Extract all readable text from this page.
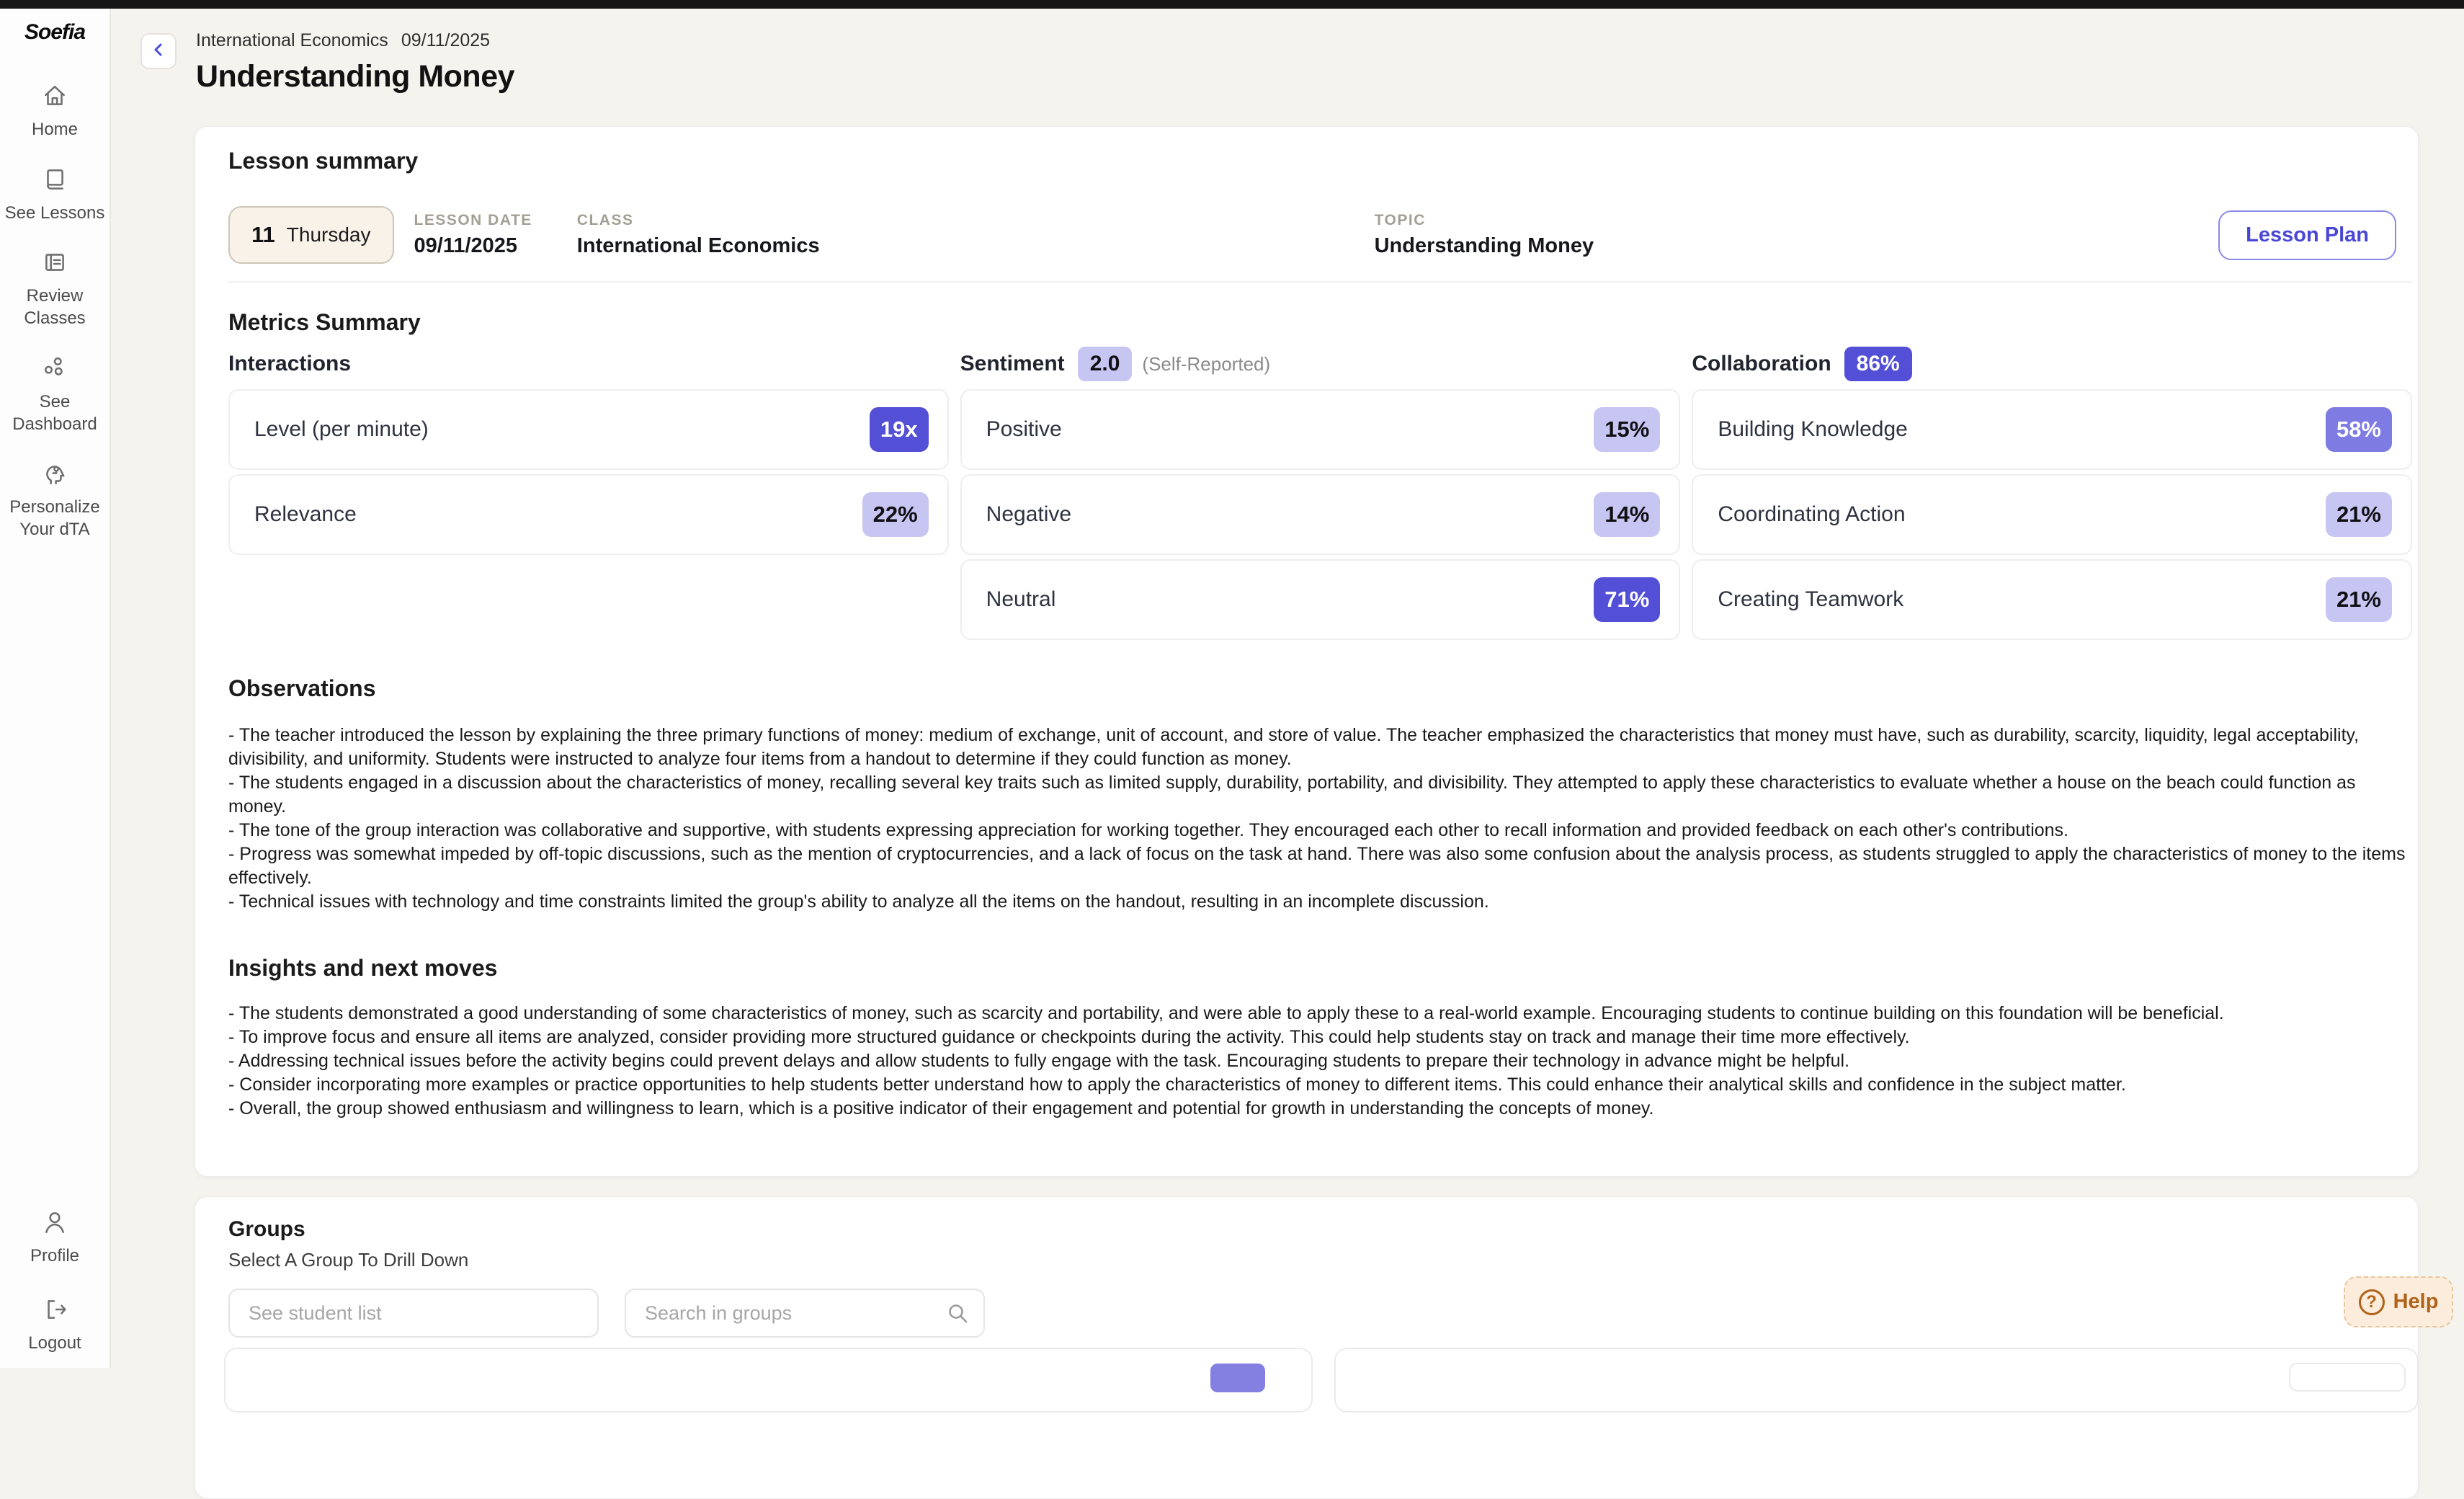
Soefia
Home
See Lessons
Review Classes
See Dashboard
Personalize Your dTA
Profile
Logout
International Economics 09/11/2025
Understanding Money
Lesson summary
11 Thursday
LESSON DATE
09/11/2025
CLASS
International Economics
TOPIC
Understanding Money	Lesson Plan
Metrics Summary
Interactions
Level (per minute)	19x
Relevance	22%
Sentiment	2.0	(Self-Reported)
Positive	15%
Negative	14%
Neutral	71%
Collaboration	86%
Building Knowledge	58%
Coordinating Action	21%
Creating Teamwork	21%
Observations
- The teacher introduced the lesson by explaining the three primary functions of money: medium of exchange, unit of account, and store of value. The teacher emphasized the characteristics that money must have, such as durability, scarcity, liquidity, legal acceptability, divisibility, and uniformity. Students were instructed to analyze four items from a handout to determine if they could function as money.
- The students engaged in a discussion about the characteristics of money, recalling several key traits such as limited supply, durability, portability, and divisibility. They attempted to apply these characteristics to evaluate whether a house on the beach could function as money.
- The tone of the group interaction was collaborative and supportive, with students expressing appreciation for working together. They encouraged each other to recall information and provided feedback on each other's contributions.
- Progress was somewhat impeded by off-topic discussions, such as the mention of cryptocurrencies, and a lack of focus on the task at hand. There was also some confusion about the analysis process, as students struggled to apply the characteristics of money to the items effectively.
- Technical issues with technology and time constraints limited the group's ability to analyze all the items on the handout, resulting in an incomplete discussion.
Insights and next moves
- The students demonstrated a good understanding of some characteristics of money, such as scarcity and portability, and were able to apply these to a real-world example. Encouraging students to continue building on this foundation will be beneficial.
- To improve focus and ensure all items are analyzed, consider providing more structured guidance or checkpoints during the activity. This could help students stay on track and manage their time more effectively.
- Addressing technical issues before the activity begins could prevent delays and allow students to fully engage with the task. Encouraging students to prepare their technology in advance might be helpful.
- Consider incorporating more examples or practice opportunities to help students better understand how to apply the characteristics of money to different items. This could enhance their analytical skills and confidence in the subject matter.
- Overall, the group showed enthusiasm and willingness to learn, which is a positive indicator of their engagement and potential for growth in understanding the concepts of money.
Groups
Select A Group To Drill Down
See student list
Search in groups
? Help
